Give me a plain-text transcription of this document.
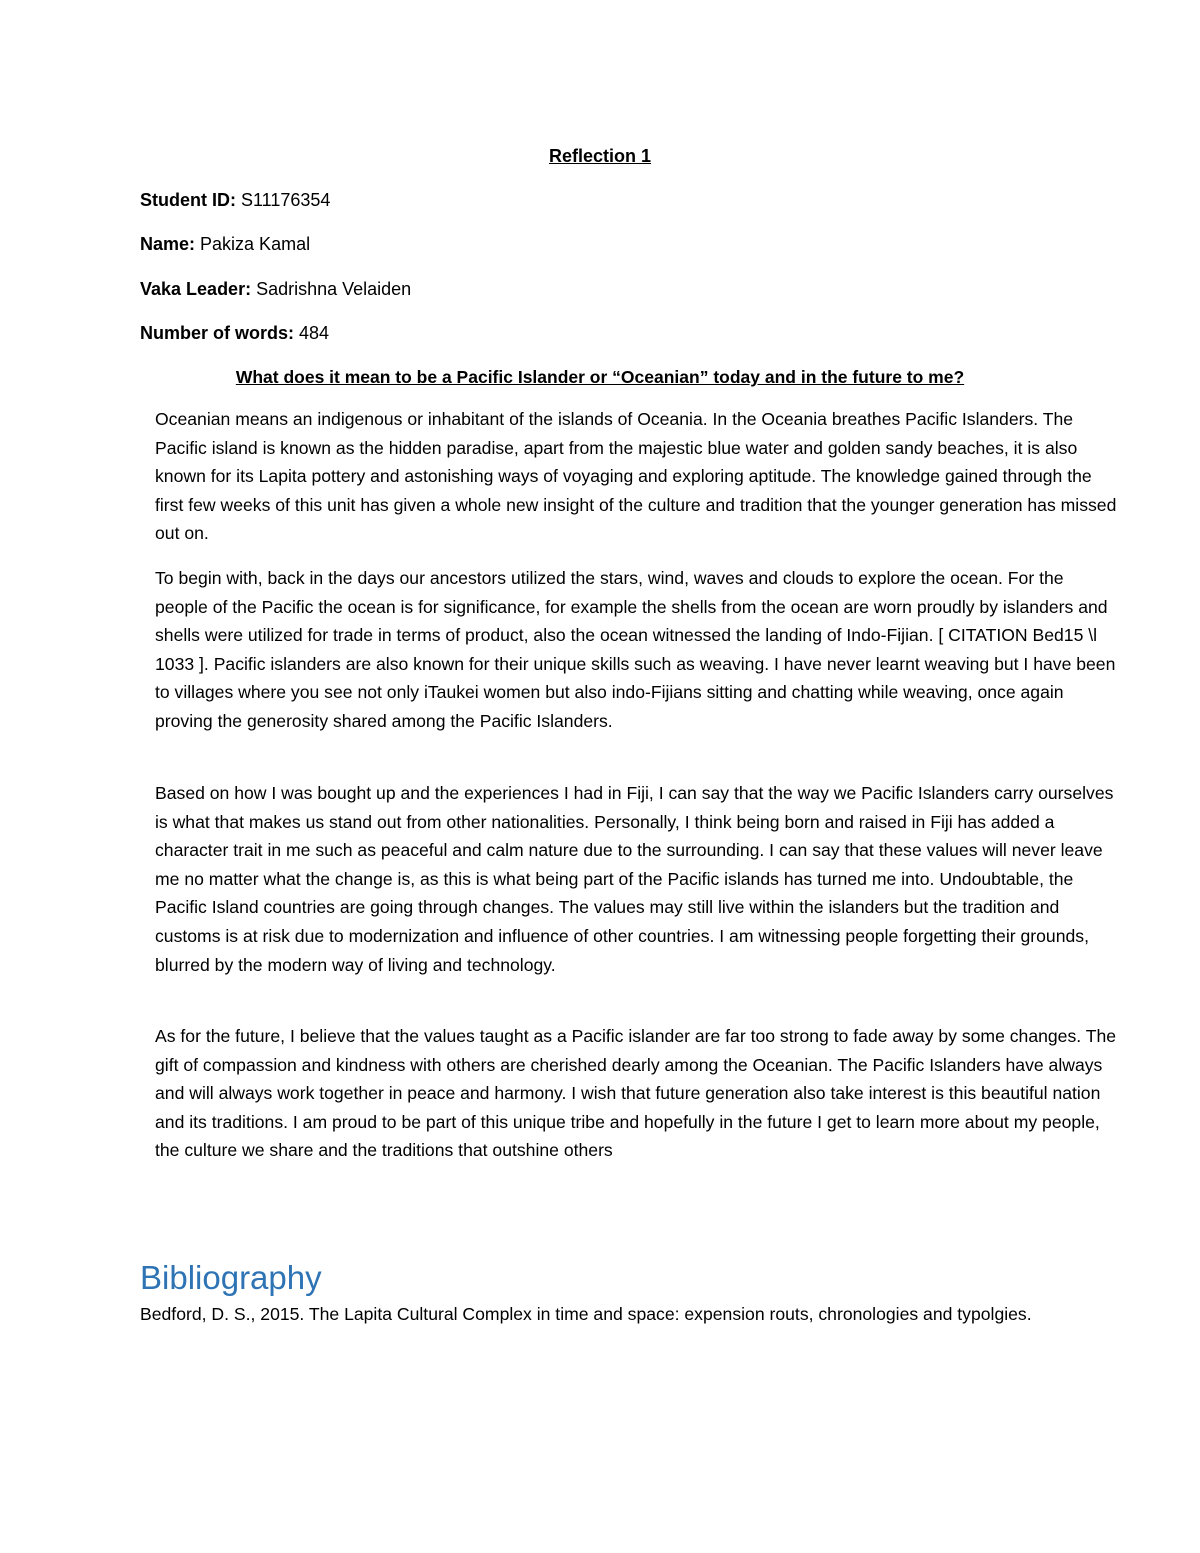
Reflection 1
Student ID: S11176354
Name: Pakiza Kamal
Vaka Leader: Sadrishna Velaiden
Number of words: 484
What does it mean to be a Pacific Islander or “Oceanian” today and in the future to me?

Oceanian means an indigenous or inhabitant of the islands of Oceania. In the Oceania breathes Pacific Islanders. The Pacific island is known as the hidden paradise, apart from the majestic blue water and golden sandy beaches, it is also known for its Lapita pottery and astonishing ways of voyaging and exploring aptitude. The knowledge gained through the first few weeks of this unit has given a whole new insight of the culture and tradition that the younger generation has missed out on.

To begin with, back in the days our ancestors utilized the stars, wind, waves and clouds to explore the ocean. For the people of the Pacific the ocean is for significance, for example the shells from the ocean are worn proudly by islanders and shells were utilized for trade in terms of product, also the ocean witnessed the landing of Indo-Fijian. [ CITATION Bed15 \l 1033 ]. Pacific islanders are also known for their unique skills such as weaving. I have never learnt weaving but I have been to villages where you see not only iTaukei women but also indo-Fijians sitting and chatting while weaving, once again proving the generosity shared among the Pacific Islanders.

Based on how I was bought up and the experiences I had in Fiji, I can say that the way we Pacific Islanders carry ourselves is what that makes us stand out from other nationalities. Personally, I think being born and raised in Fiji has added a character trait in me such as peaceful and calm nature due to the surrounding. I can say that these values will never leave me no matter what the change is, as this is what being part of the Pacific islands has turned me into. Undoubtable, the Pacific Island countries are going through changes. The values may still live within the islanders but the tradition and customs is at risk due to modernization and influence of other countries. I am witnessing people forgetting their grounds, blurred by the modern way of living and technology.

As for the future, I believe that the values taught as a Pacific islander are far too strong to fade away by some changes. The gift of compassion and kindness with others are cherished dearly among the Oceanian. The Pacific Islanders have always and will always work together in peace and harmony. I wish that future generation also take interest is this beautiful nation and its traditions. I am proud to be part of this unique tribe and hopefully in the future I get to learn more about my people, the culture we share and the traditions that outshine others

Bibliography

Bedford, D. S., 2015. The Lapita Cultural Complex in time and space: expension routs, chronologies and typolgies.
